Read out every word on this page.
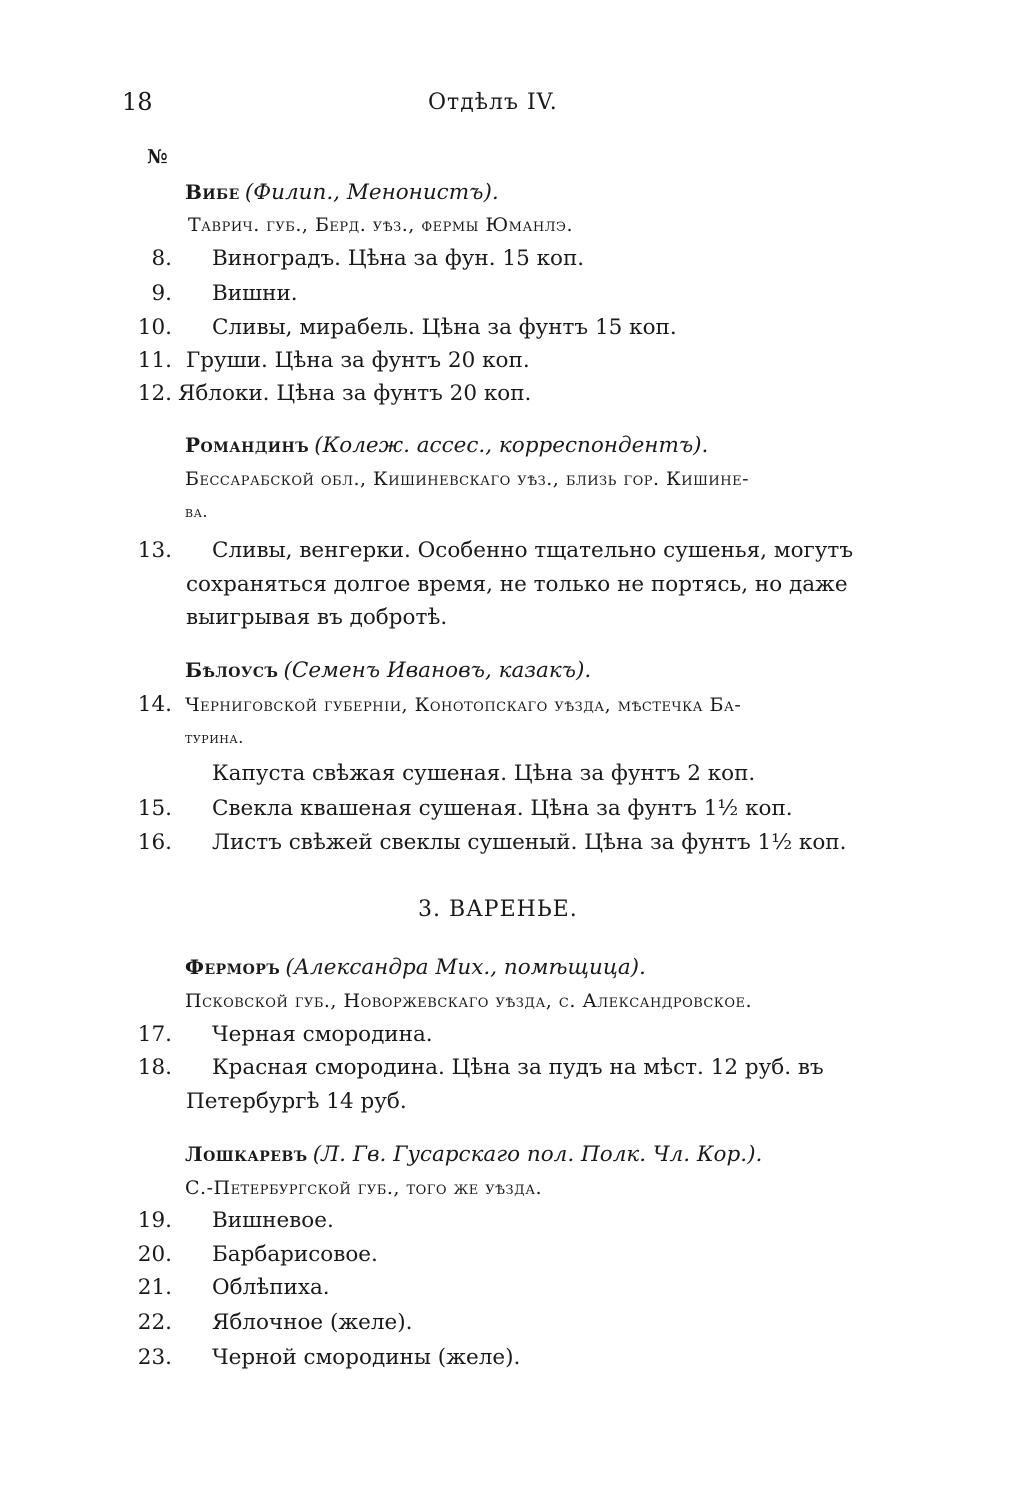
18	Отдѣлъ IV.
№
Вибе (Филип., Менонистъ).
Таврич. губ., Берд. уѣз., фермы Юманлэ.
8. Виноградъ. Цѣна за фун. 15 коп.
9. Вишни.
10. Сливы, мирабель. Цѣна за фунтъ 15 коп.
11. Груши. Цѣна за фунтъ 20 коп.
12. Яблоки. Цѣна за фунтъ 20 коп.
Романдинъ (Колеж. ассес., корреспондентъ).
Бессарабской обл., Кишиневскаго уѣз., близь гор. Кишине-
ва.
13. Сливы, венгерки. Особенно тщательно сушенья, могутъ
сохраняться долгое время, не только не портясь, но даже
выигрывая въ добротѣ.
Бѣлоусъ (Семенъ Ивановъ, казакъ).
14. Черниговской губерніи, Конотопскаго уѣзда, мѣстечка Ба-
турина.
Капуста свѣжая сушеная. Цѣна за фунтъ 2 коп.
15. Свекла квашеная сушеная. Цѣна за фунтъ 1½ коп.
16. Листъ свѣжей свеклы сушеный. Цѣна за фунтъ 1½ коп.
3. ВАРЕНЬЕ.
Ферморъ (Александра Мих., помѣщица).
Псковской губ., Новоржевскаго уѣзда, с. Александровское.
17. Черная смородина.
18. Красная смородина. Цѣна за пудъ на мѣст. 12 руб. въ
Петербургѣ 14 руб.
Лошкаревъ (Л. Гв. Гусарскаго пол. Полк. Чл. Кор.).
С.-Петербургской губ., того же уѣзда.
19. Вишневое.
20. Барбарисовое.
21. Облѣпиха.
22. Яблочное (желе).
23. Черной смородины (желе).
